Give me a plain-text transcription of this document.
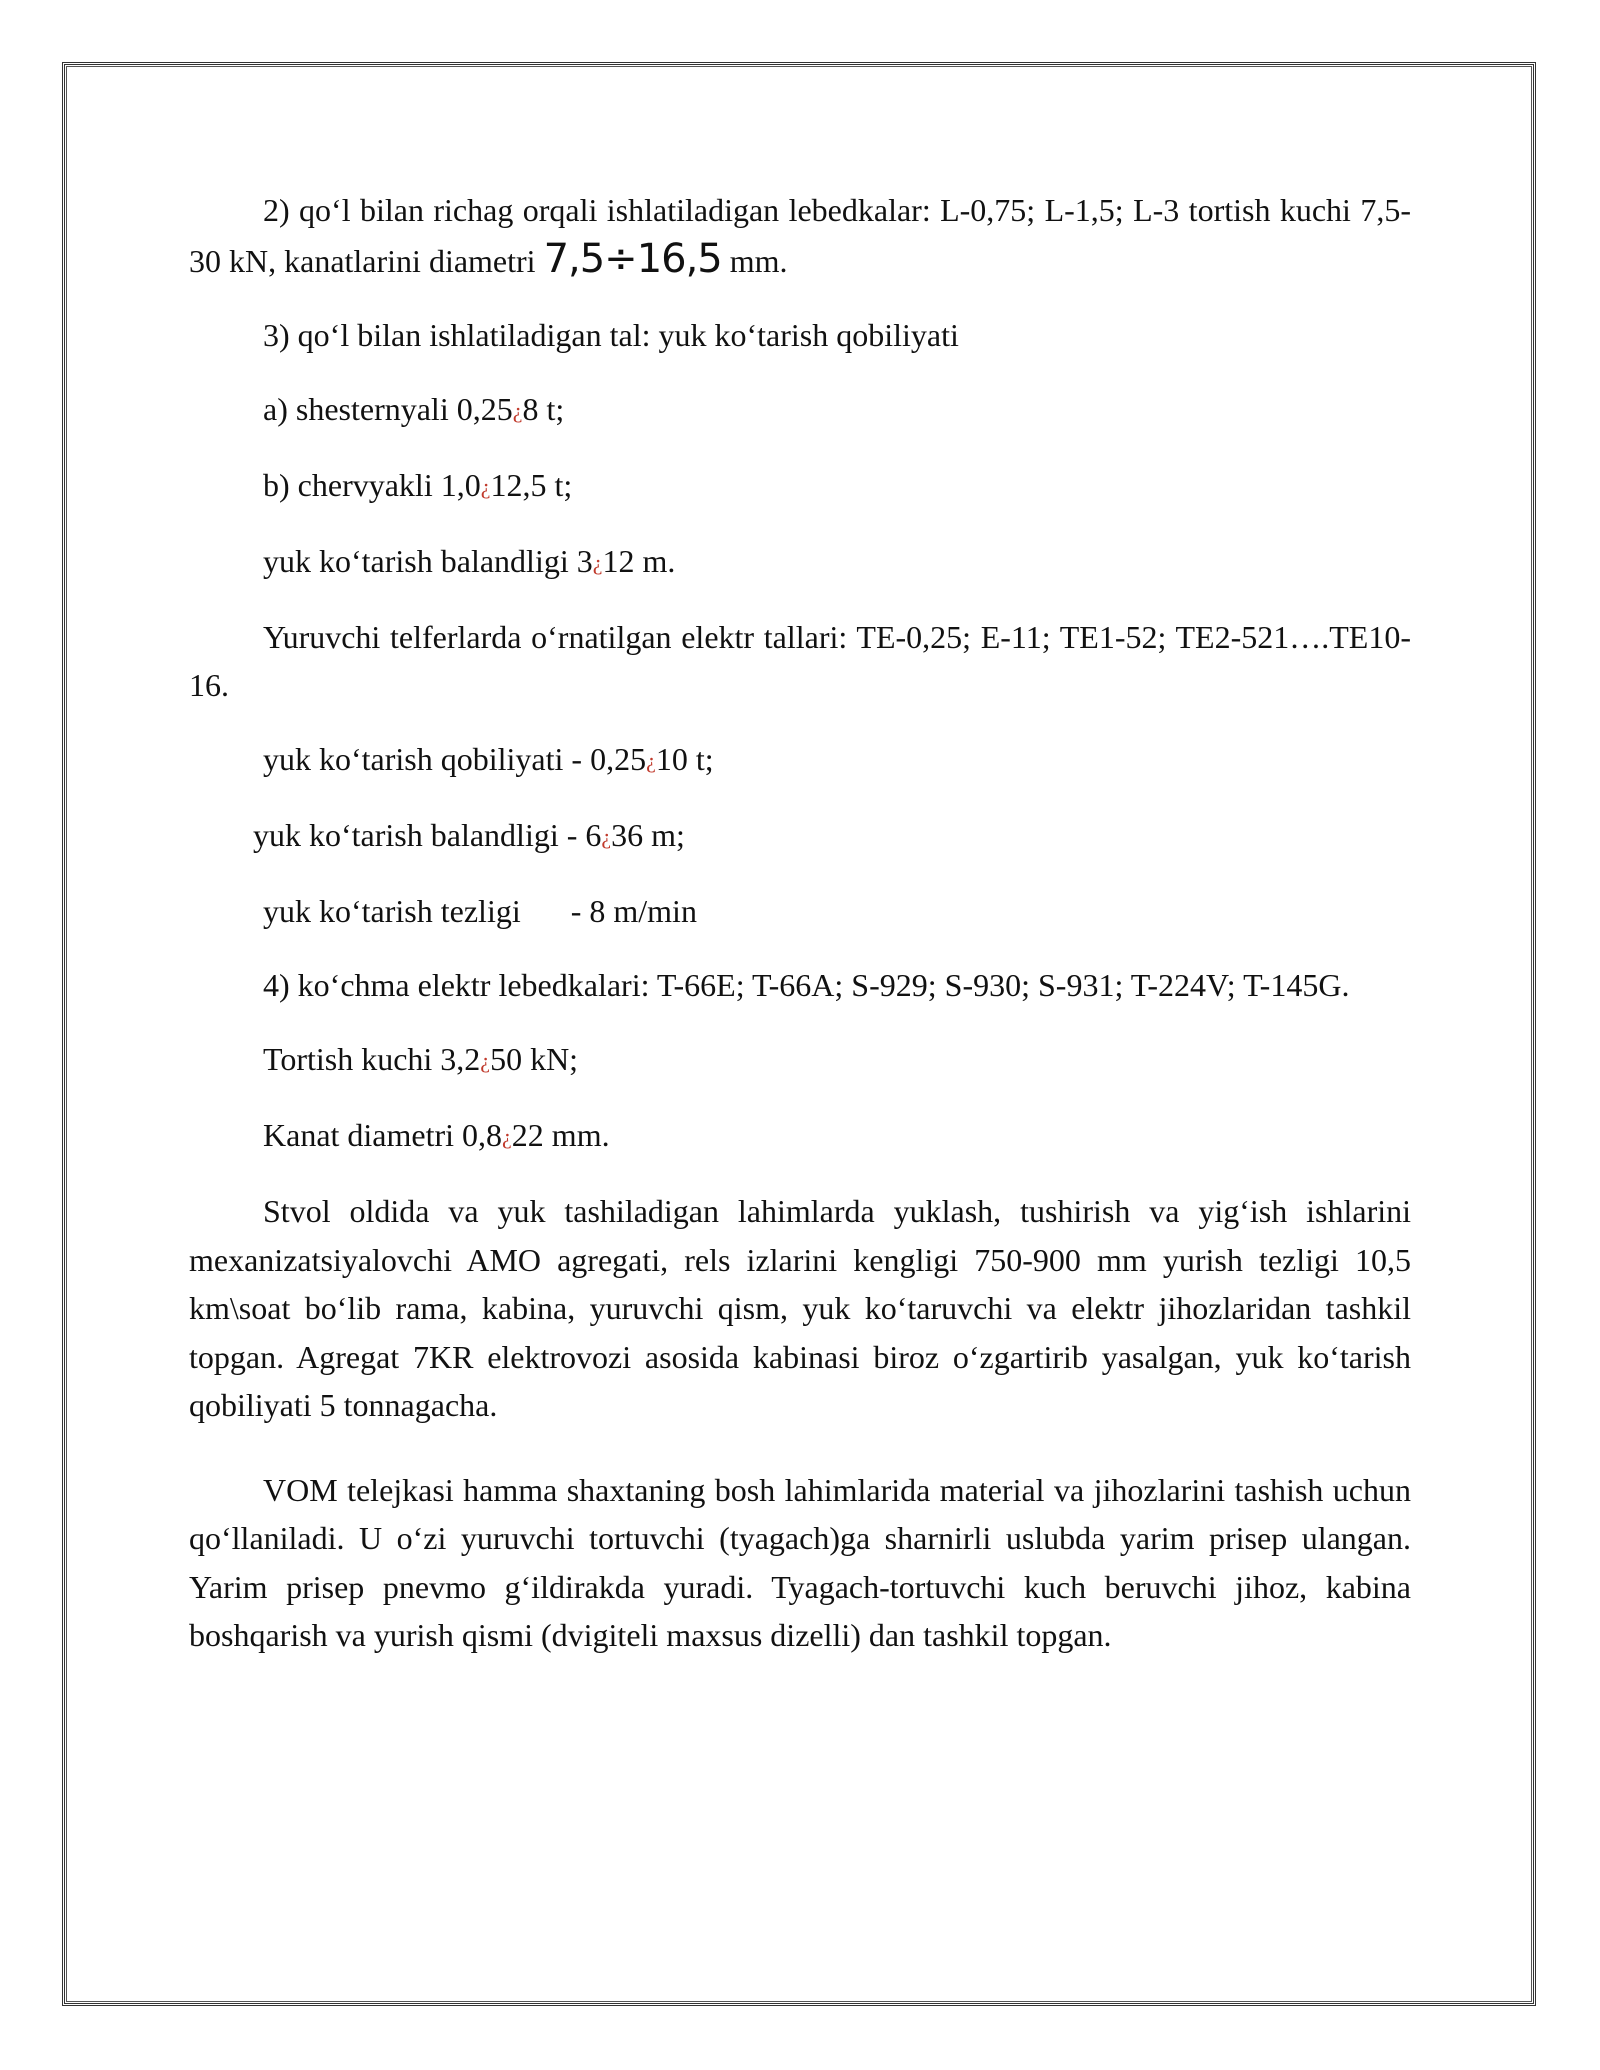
2) qoʻl bilan richag orqali ishlatiladigan lebedkalar: L-0,75; L-1,5; L-3 tortish kuchi 7,5-30 kN, kanatlarini diametri 7,5÷16,5 mm.

3) qoʻl bilan ishlatiladigan tal: yuk koʻtarish qobiliyati

a) shesternyali 0,25¿8 t;

b) chervyakli 1,0¿12,5 t;

yuk koʻtarish balandligi 3¿12 m.

Yuruvchi telferlarda oʻrnatilgan elektr tallari: TE-0,25; E-11; TE1-52; TE2-521….TE10-16.

yuk koʻtarish qobiliyati - 0,25¿10 t;

yuk koʻtarish balandligi - 6¿36 m;

yuk koʻtarish tezligi - 8 m/min

4) koʻchma elektr lebedkalari: T-66E; T-66A; S-929; S-930; S-931; T-224V; T-145G.

Tortish kuchi 3,2¿50 kN;

Kanat diametri 0,8¿22 mm.

Stvol oldida va yuk tashiladigan lahimlarda yuklash, tushirish va yigʻish ishlarini mexanizatsiyalovchi AMO agregati, rels izlarini kengligi 750-900 mm yurish tezligi 10,5 km\soat boʻlib rama, kabina, yuruvchi qism, yuk koʻtaruvchi va elektr jihozlaridan tashkil topgan. Agregat 7KR elektrovozi asosida kabinasi biroz oʻzgartirib yasalgan, yuk koʻtarish qobiliyati 5 tonnagacha.

VOM telejkasi hamma shaxtaning bosh lahimlarida material va jihozlarini tashish uchun qoʻllaniladi. U oʻzi yuruvchi tortuvchi (tyagach)ga sharnirli uslubda yarim prisep ulangan. Yarim prisep pnevmo gʻildirakda yuradi. Tyagach-tortuvchi kuch beruvchi jihoz, kabina boshqarish va yurish qismi (dvigiteli maxsus dizelli) dan tashkil topgan.
